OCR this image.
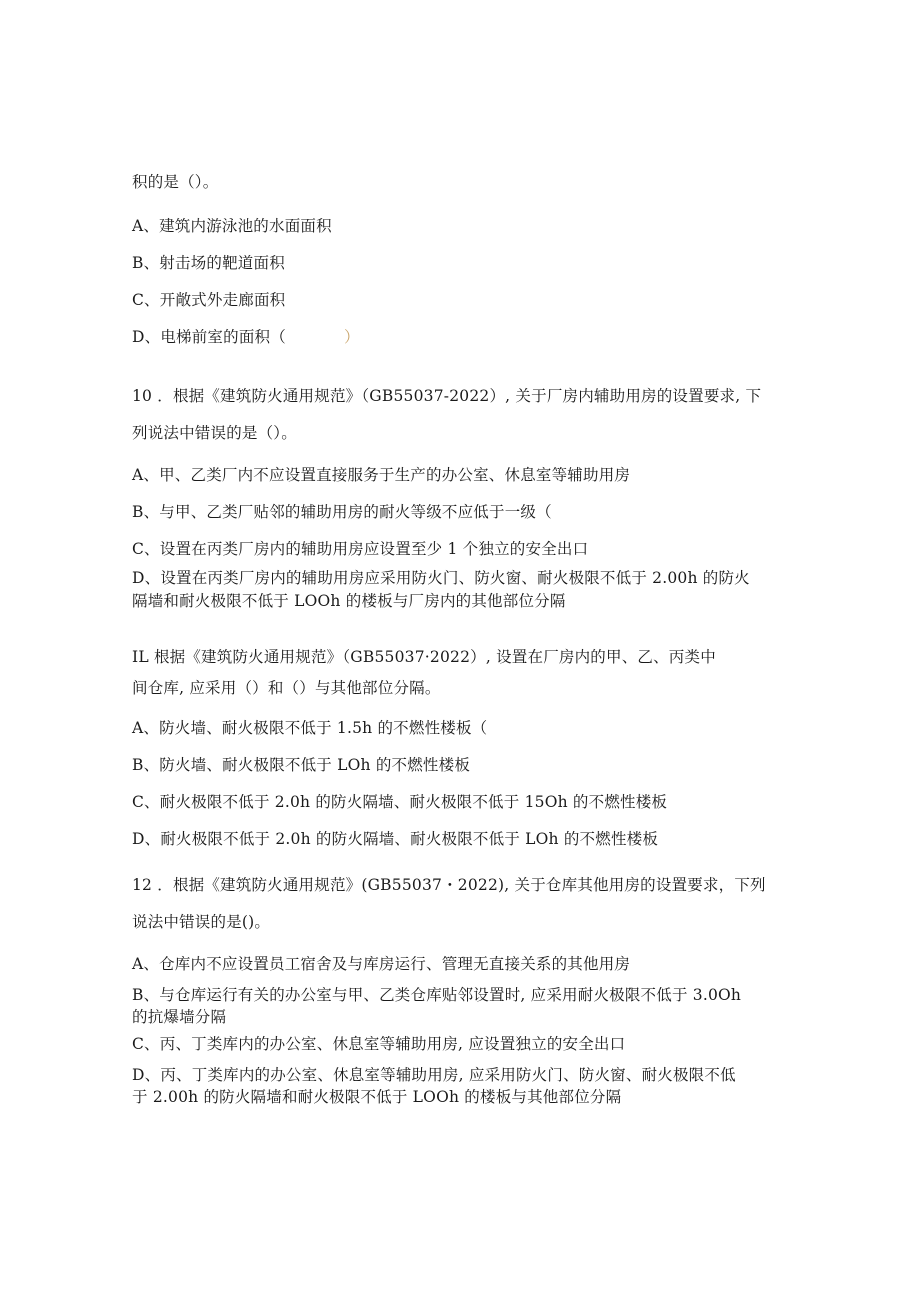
积的是（）。
A、建筑内游泳池的水面面积
B、射击场的靶道面积
C、开敞式外走廊面积
D、电梯前室的面积（	）
10 ．根据《建筑防火通用规范》（GB55037-2022）, 关于厂房内辅助用房的设置要求, 下
列说法中错误的是（）。
A、甲、乙类厂内不应设置直接服务于生产的办公室、休息室等辅助用房
B、与甲、乙类厂贴邻的辅助用房的耐火等级不应低于一级（
C、设置在丙类厂房内的辅助用房应设置至少 1 个独立的安全出口
D、设置在丙类厂房内的辅助用房应采用防火门、防火窗、耐火极限不低于 2.00h 的防火
隔墙和耐火极限不低于 LOOh 的楼板与厂房内的其他部位分隔
IL 根据《建筑防火通用规范》（GB55037·2022）, 设置在厂房内的甲、乙、丙类中
间仓库, 应采用（）和（）与其他部位分隔。
A、防火墙、耐火极限不低于 1.5h 的不燃性楼板（
B、防火墙、耐火极限不低于 LOh 的不燃性楼板
C、耐火极限不低于 2.0h 的防火隔墙、耐火极限不低于 15Oh 的不燃性楼板
D、耐火极限不低于 2.0h 的防火隔墙、耐火极限不低于 LOh 的不燃性楼板
12 ．根据《建筑防火通用规范》(GB55037・2022), 关于仓库其他用房的设置要求，下列
说法中错误的是()。
A、仓库内不应设置员工宿舍及与库房运行、管理无直接关系的其他用房
B、与仓库运行有关的办公室与甲、乙类仓库贴邻设置时, 应采用耐火极限不低于 3.0Oh
的抗爆墙分隔
C、丙、丁类库内的办公室、休息室等辅助用房, 应设置独立的安全出口
D、丙、丁类库内的办公室、休息室等辅助用房, 应采用防火门、防火窗、耐火极限不低
于 2.00h 的防火隔墙和耐火极限不低于 LOOh 的楼板与其他部位分隔
